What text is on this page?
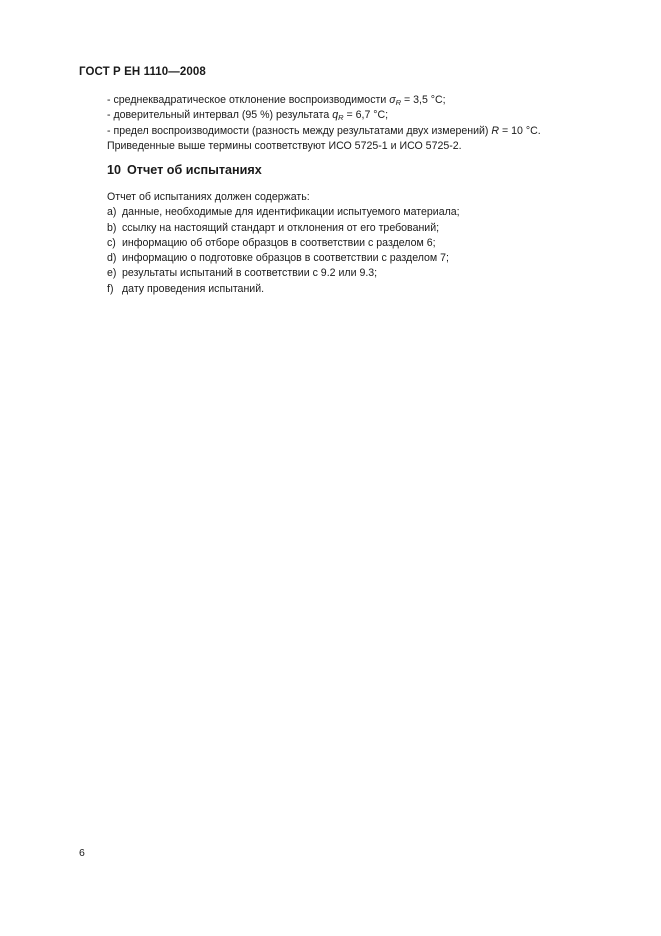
ГОСТ Р ЕН 1110—2008

- среднеквадратическое отклонение воспроизводимости $\sigma_R = 3,5$ °С;

- доверительный интервал (95 %) результата $q_R = 6,7$ °С;

- предел воспроизводимости (разность между результатами двух измерений) R = 10 °С.

Приведенные выше термины соответствуют ИСО 5725-1 и ИСО 5725-2.

10 Отчет об испытаниях

Отчет об испытаниях должен содержать:

a) данные, необходимые для идентификации испытуемого материала;

b) ссылку на настоящий стандарт и отклонения от его требований;

c) информацию об отборе образцов в соответствии с разделом 6;

d) информацию о подготовке образцов в соответствии с разделом 7;

e) результаты испытаний в соответствии с 9.2 или 9.3;

f) дату проведения испытаний.

6
